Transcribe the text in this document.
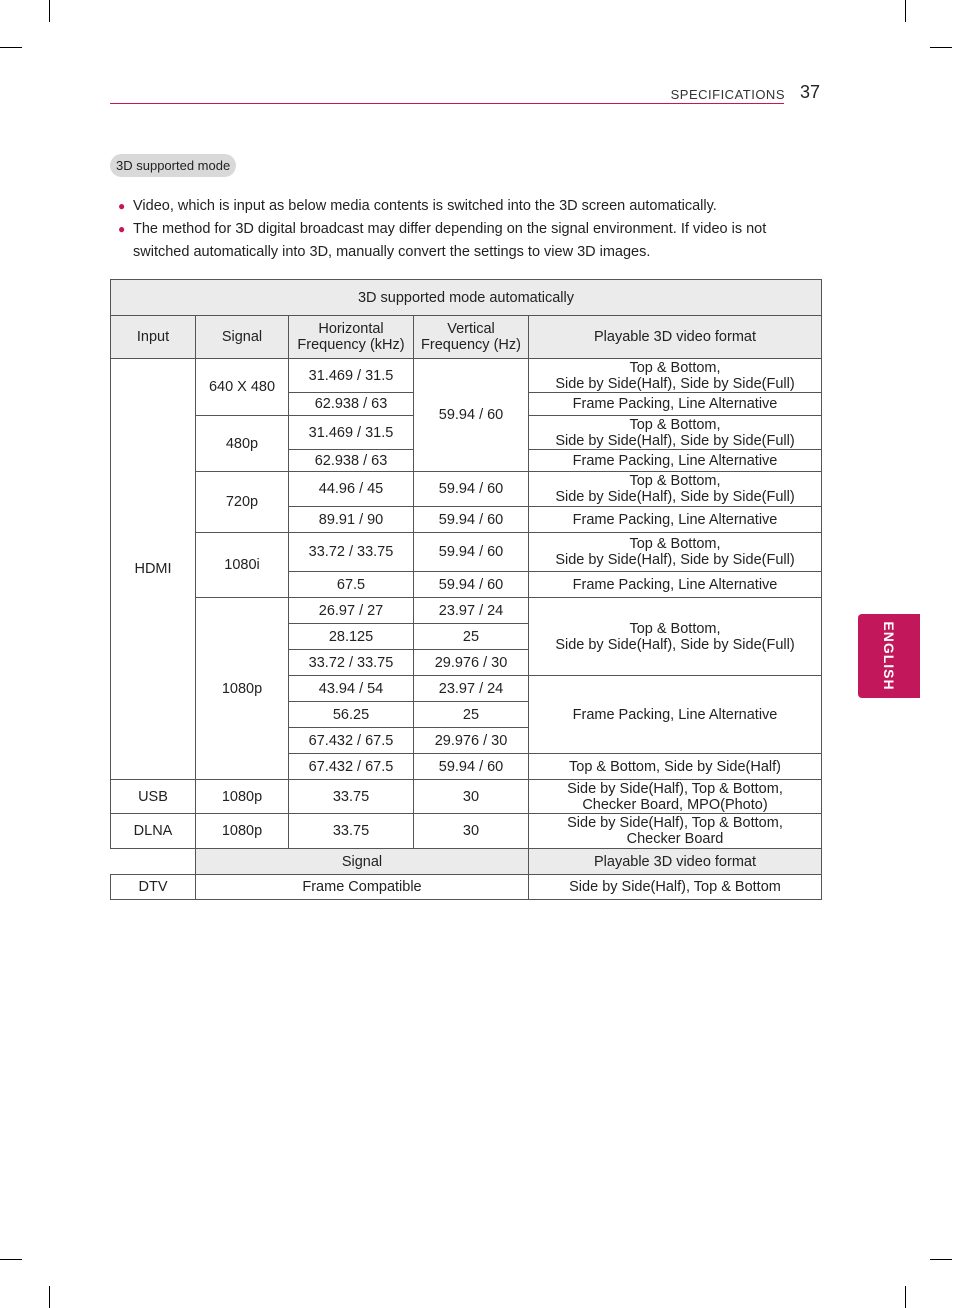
SPECIFICATIONS 37
ENGLISH
3D supported mode
● Video, which is input as below media contents is switched into the 3D screen automatically.
● The method for 3D digital broadcast may differ depending on the signal environment. If video is not switched automatically into 3D, manually convert the settings to view 3D images.
3D supported mode automatically				
Input	Signal	Horizontal Frequency (kHz)	Vertical Frequency (Hz)	Playable 3D video format
HDMI	640 X 480	31.469 / 31.5	59.94 / 60	Top & Bottom,
Side by Side(Half), Side by Side(Full)

		62.938 / 63		Frame Packing, Line Alternative
	480p	31.469 / 31.5		Top & Bottom,
Side by Side(Half), Side by Side(Full)

		62.938 / 63		Frame Packing, Line Alternative
	720p	44.96 / 45	59.94 / 60	Top & Bottom,
Side by Side(Half), Side by Side(Full)

		89.91 / 90	59.94 / 60	Frame Packing, Line Alternative
	1080i	33.72 / 33.75	59.94 / 60	Top & Bottom,
Side by Side(Half), Side by Side(Full)

		67.5	59.94 / 60	Frame Packing, Line Alternative
	1080p	26.97 / 27	23.97 / 24	Top & Bottom,
Side by Side(Half), Side by Side(Full)

		28.125	25	
		33.72 / 33.75	29.976 / 30	
		43.94 / 54	23.97 / 24	Frame Packing, Line Alternative
		56.25	25	
		67.432 / 67.5	29.976 / 30	
		67.432 / 67.5	59.94 / 60	Top & Bottom, Side by Side(Half)
USB	1080p	33.75	30	Side by Side(Half), Top & Bottom,
Checker Board, MPO(Photo)

DLNA	1080p	33.75	30	Side by Side(Half), Top & Bottom,
Checker Board

	Signal			Playable 3D video format
DTV	Frame Compatible			Side by Side(Half), Top & Bottom
